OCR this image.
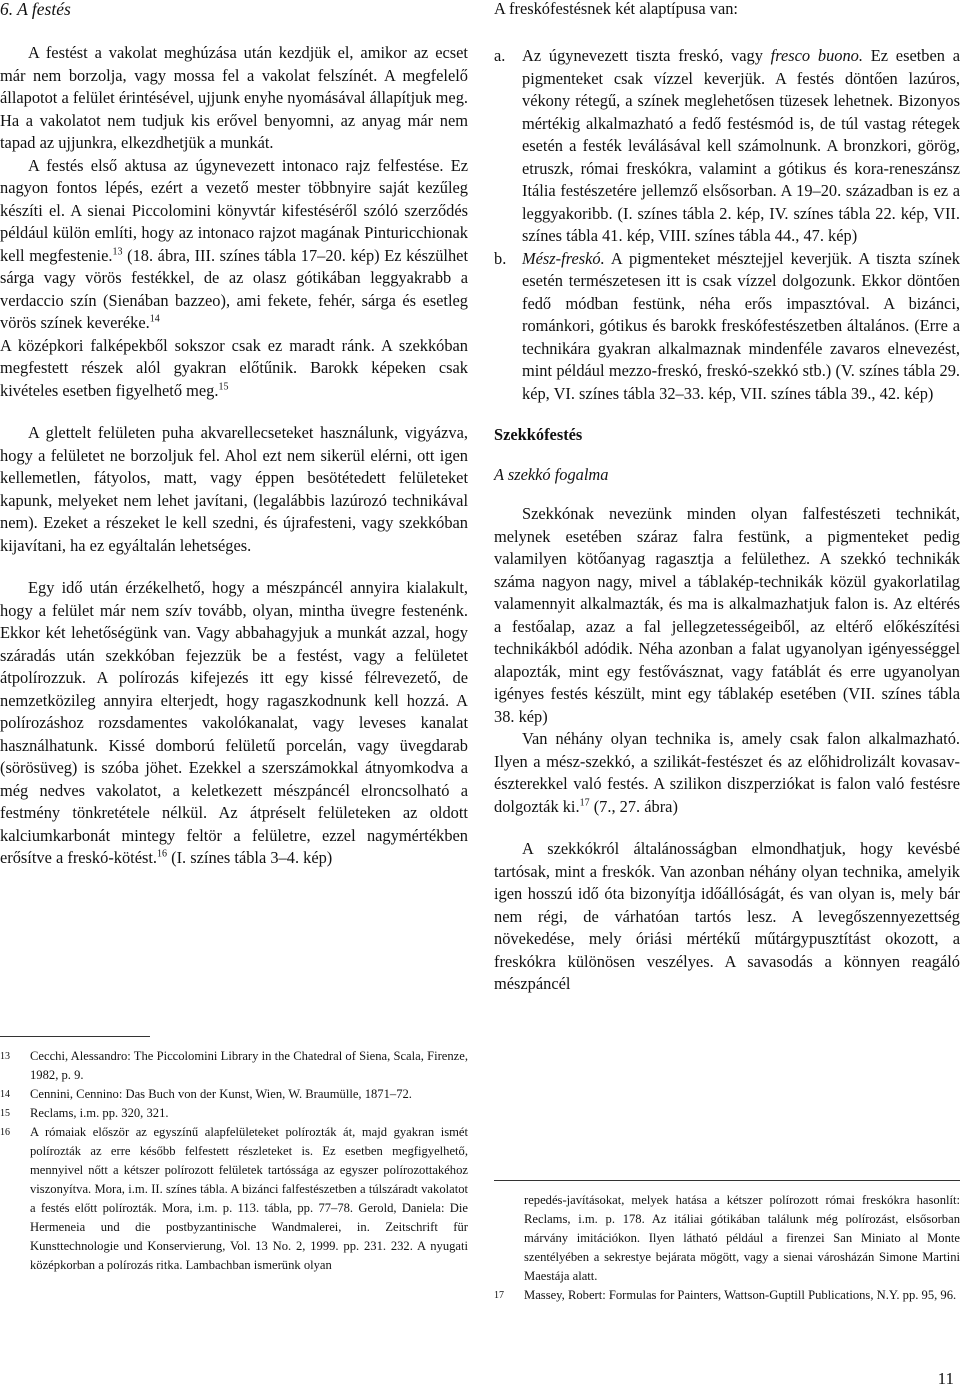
6. A festés

A festést a vakolat meghúzása után kezdjük el, amikor az ecset már nem borzolja, vagy mossa fel a vakolat felszínét. A megfelelő állapotot a felület érintésével, ujjunk enyhe nyomásával állapítjuk meg. Ha a vakolatot nem tudjuk kis erővel benyomni, az anyag már nem tapad az ujjunkra, elkezdhetjük a munkát.

A festés első aktusa az úgynevezett intonaco rajz felfestése. Ez nagyon fontos lépés, ezért a vezető mester többnyire saját kezűleg készíti el. A sienai Piccolomini könyvtár kifestéséről szóló szerződés például külön említi, hogy az intonaco rajzot magának Pinturicchionak kell megfestenie.$^{13}$ (18. ábra, III. színes tábla 17–20. kép) Ez készülhet sárga vagy vörös festékkel, de az olasz gótikában leggyakrabb a verdaccio szín (Sienában bazzeo), ami fekete, fehér, sárga és esetleg vörös színek keveréke.$^{14}$

A középkori falképekből sokszor csak ez maradt ránk. A szekkóban megfestett részek alól gyakran előtűnik. Barokk képeken csak kivételes esetben figyelhető meg.$^{15}$

A glettelt felületen puha akvarellecseteket használunk, vigyázva, hogy a felületet ne borzoljuk fel. Ahol ezt nem sikerül elérni, ott igen kellemetlen, fátyolos, matt, vagy éppen besötétedett felületeket kapunk, melyeket nem lehet javítani, (legalábbis lazúrozó technikával nem). Ezeket a részeket le kell szedni, és újrafesteni, vagy szekkóban kijavítani, ha ez egyáltalán lehetséges.

Egy idő után érzékelhető, hogy a mészpáncél annyira kialakult, hogy a felület már nem szív tovább, olyan, mintha üvegre festenénk. Ekkor két lehetőségünk van. Vagy abbahagyjuk a munkát azzal, hogy száradás után szekkóban fejezzük be a festést, vagy a felületet átpolírozzuk. A polírozás kifejezés itt egy kissé félrevezető, de nemzetközileg annyira elterjedt, hogy ragaszkodnunk kell hozzá. A polírozáshoz rozsdamentes vakolókanalat, vagy leveses kanalat használhatunk. Kissé domború felületű porcelán, vagy üvegdarab (sörösüveg) is szóba jöhet. Ezekkel a szerszámokkal átnyomkodva a még nedves vakolatot, a keletkezett mészpáncél elroncsolható a festmény tönkretétele nélkül. Az átpréselt felületeken az oldott kalciumkarbonát mintegy feltör a felületre, ezzel nagymértékben erősítve a freskó-kötést.$^{16}$ (I. színes tábla 3–4. kép)

13 Cecchi, Alessandro: The Piccolomini Library in the Chatedral of Siena, Scala, Firenze, 1982, p. 9.

14 Cennini, Cennino: Das Buch von der Kunst, Wien, W. Braumülle, 1871–72.

15 Reclams, i.m. pp. 320, 321.

16 A rómaiak először az egyszínű alapfelületeket polírozták át, majd gyakran ismét polírozták az erre később felfestett részleteket is. Ez esetben megfigyelhető, mennyivel nőtt a kétszer polírozott felületek tartóssága az egyszer polírozottakéhoz viszonyítva. Mora, i.m. II. színes tábla. A bizánci falfestészetben a túlszáradt vakolatot a festés előtt polírozták. Mora, i.m. p. 113. tábla, pp. 77–78. Gerold, Daniela: Die Hermeneia und die postbyzantinische Wandmalerei, in. Zeitschrift für Kunsttechnologie und Konservierung, Vol. 13 No. 2, 1999. pp. 231. 232. A nyugati középkorban a polírozás ritka. Lambachban ismerünk olyan

A freskófestésnek két alaptípusa van:

a. Az úgynevezett tiszta freskó, vagy fresco buono. Ez esetben a pigmenteket csak vízzel keverjük. A festés döntően lazúros, vékony rétegű, a színek meglehetősen tüzesek lehetnek. Bizonyos mértékig alkalmazható a fedő festésmód is, de túl vastag rétegek esetén a festék leválásával kell számolnunk. A bronzkori, görög, etruszk, római freskókra, valamint a gótikus és kora-reneszánsz Itália festészetére jellemző elsősorban. A 19–20. században is ez a leggyakoribb. (I. színes tábla 2. kép, IV. színes tábla 22. kép, VII. színes tábla 41. kép, VIII. színes tábla 44., 47. kép)

b. Mész-freskó. A pigmenteket mésztejjel keverjük. A tiszta színek esetén természetesen itt is csak vízzel dolgozunk. Ekkor döntően fedő módban festünk, néha erős impasztóval. A bizánci, románkori, gótikus és barokk freskófestészetben általános. (Erre a technikára gyakran alkalmaznak mindenféle zavaros elnevezést, mint például mezzo-freskó, freskó-szekkó stb.) (V. színes tábla 29. kép, VI. színes tábla 32–33. kép, VII. színes tábla 39., 42. kép)

Szekkófestés

A szekkó fogalma

Szekkónak nevezünk minden olyan falfestészeti technikát, melynek esetében száraz falra festünk, a pigmenteket pedig valamilyen kötőanyag ragasztja a felülethez. A szekkó technikák száma nagyon nagy, mivel a táblakép-technikák közül gyakorlatilag valamennyit alkalmazták, és ma is alkalmazhatjuk falon is. Az eltérés a festőalap, azaz a fal jellegzetességeiből, az eltérő előkészítési technikákból adódik. Néha azonban a falat ugyanolyan igényességgel alapozták, mint egy festővásznat, vagy fatáblát és erre ugyanolyan igényes festés készült, mint egy táblakép esetében (VII. színes tábla 38. kép)

Van néhány olyan technika is, amely csak falon alkalmazható. Ilyen a mész-szekkó, a szilikát-festészet és az előhidrolizált kovasav-észterekkel való festés. A szilikon diszperziókat is falon való festésre dolgozták ki.$^{17}$ (7., 27. ábra)

A szekkókról általánosságban elmondhatjuk, hogy kevésbé tartósak, mint a freskók. Van azonban néhány olyan technika, amelyik igen hosszú idő óta bizonyítja időállóságát, és van olyan is, mely bár nem régi, de várhatóan tartós lesz. A levegőszennyezettség növekedése, mely óriási mértékű műtárgypusztítást okozott, a freskókra különösen veszélyes. A savasodás a könnyen reagáló mészpáncél

repedés-javításokat, melyek hatása a kétszer polírozott római freskókra hasonlít: Reclams, i.m. p. 178. Az itáliai gótikában találunk még polírozást, elsősorban márvány imitációkon. Ilyen látható például a firenzei San Miniato al Monte szentélyében a sekrestye bejárata mögött, vagy a sienai városházán Simone Martini Maestája alatt.

17 Massey, Robert: Formulas for Painters, Wattson-Guptill Publications, N.Y. pp. 95, 96.

11
